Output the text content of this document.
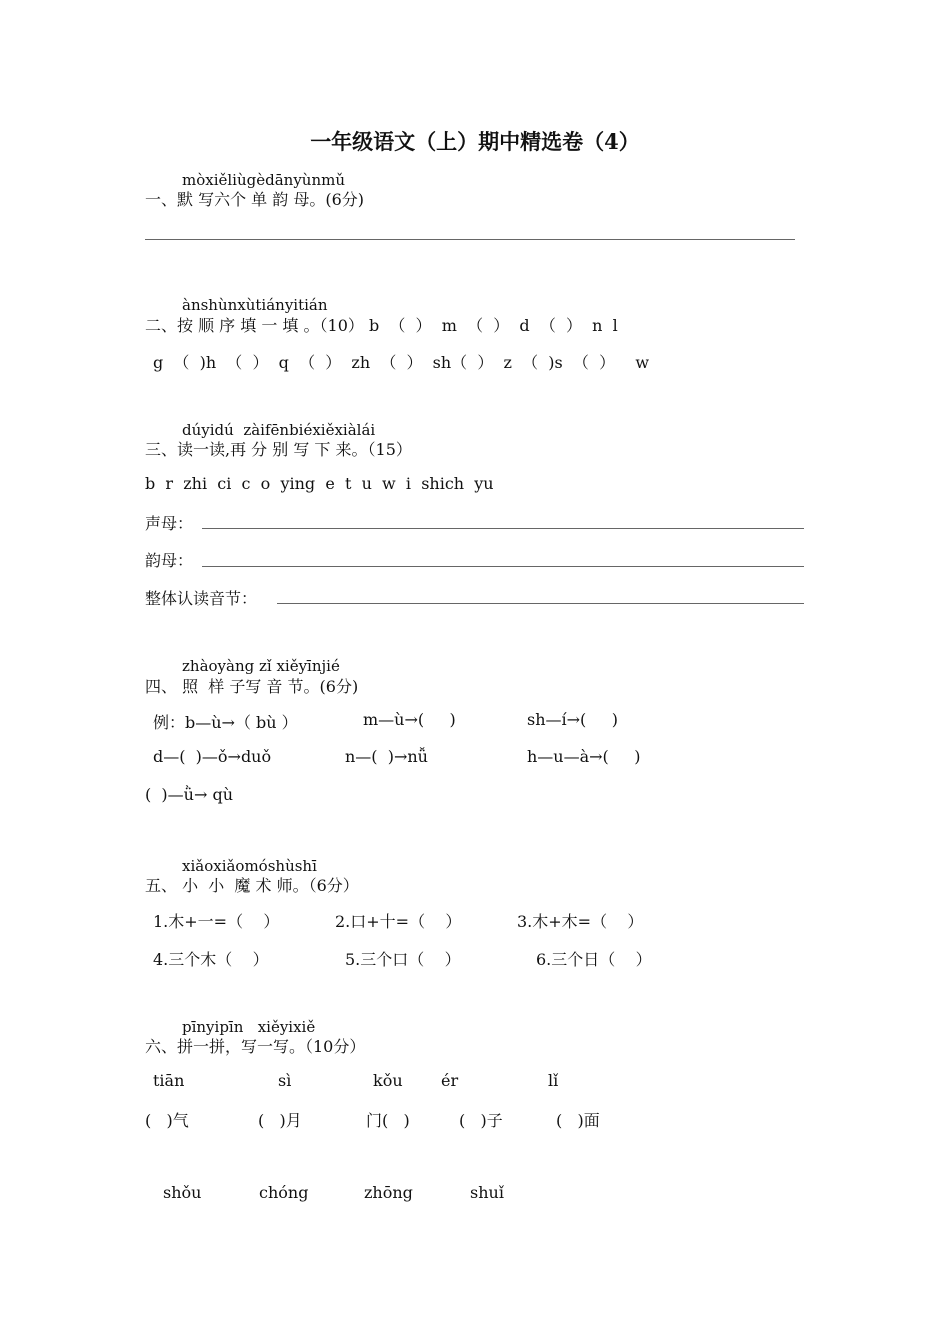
一年级语文（上）期中精选卷（4）
mòxiěliùgèdānyùnmǔ
一、默 写六个 单 韵 母。(6分)
ànshùnxùtiányitián
二、按 顺 序 填 一 填 。（10） b  （  ）  m  （  ）  d  （  ）  n  l
g  （  )h  （  ）  q  （  ）  zh  （  ）  sh（  ）  z  （  )s  （  ）    w
dúyidú  zàifēnbiéxiěxiàlái
三、读一读,再 分 别 写 下 来。（15）
b  r  zhi  ci  c  o  ying  e  t  u  w  i  shich  yu
声母：
韵母：
整体认读音节：
zhàoyàng zǐ xiěyīnjié
四、 照  样 子写 音 节。(6分)
例：b—ù→（ bù ）	m—ù→(     )	sh—í→(     )
d—(  )—ǒ→duǒ	n—(  )→nǚ	h—u—à→(     )
(  )—ǜ→ qù
xiǎoxiǎomóshùshī
五、 小  小  魔 术 师。（6分）
1.木+一=（    ）	2.口+十=（    ）	3.木+木=（    ）
4.三个木（    ）	5.三个口（    ）	6.三个日（    ）
pīnyipīn   xiěyixiě
六、拼一拼，写一写。（10分）
tiān	sì	kǒu ér	lǐ
(   )气	(   )月	门(   )	(   )子	(   )面
shǒu	chóng	zhōng	shuǐ
